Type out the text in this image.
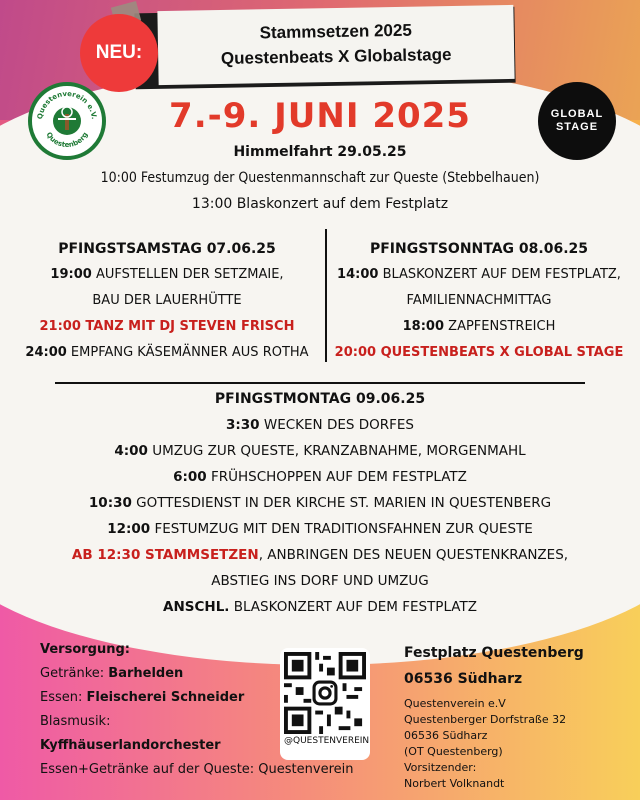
Stammsetzen 2025
Questenbeats X Globalstage
NEU:
Questenverein e.V.
Questenberg
GLOBAL
STAGE
7.-9. JUNI 2025
Himmelfahrt 29.05.25
10:00 Festumzug der Questenmannschaft zur Queste (Stebbelhauen)
13:00 Blaskonzert auf dem Festplatz
PFINGSTSAMSTAG 07.06.25
19:00 AUFSTELLEN DER SETZMAIE,
BAU DER LAUERHÜTTE
21:00 TANZ MIT DJ STEVEN FRISCH
24:00 EMPFANG KÄSEMÄNNER AUS ROTHA
PFINGSTSONNTAG 08.06.25
14:00 BLASKONZERT AUF DEM FESTPLATZ,
FAMILIENNACHMITTAG
18:00 ZAPFENSTREICH
20:00 QUESTENBEATS X GLOBAL STAGE
PFINGSTMONTAG 09.06.25
3:30 WECKEN DES DORFES
4:00 UMZUG ZUR QUESTE, KRANZABNAHME, MORGENMAHL
6:00 FRÜHSCHOPPEN AUF DEM FESTPLATZ
10:30 GOTTESDIENST IN DER KIRCHE ST. MARIEN IN QUESTENBERG
12:00 FESTUMZUG MIT DEN TRADITIONSFAHNEN ZUR QUESTE
AB 12:30 STAMMSETZEN, ANBRINGEN DES NEUEN QUESTENKRANZES,
ABSTIEG INS DORF UND UMZUG
ANSCHL. BLASKONZERT AUF DEM FESTPLATZ
Versorgung:
Getränke: Barhelden
Essen: Fleischerei Schneider
Blasmusik:
Kyffhäuserlandorchester
Essen+Getränke auf der Queste: Questenverein
@QUESTENVEREIN
Festplatz Questenberg
06536 Südharz
Questenverein e.V
Questenberger Dorfstraße 32
06536 Südharz
(OT Questenberg)
Vorsitzender:
Norbert Volknandt
